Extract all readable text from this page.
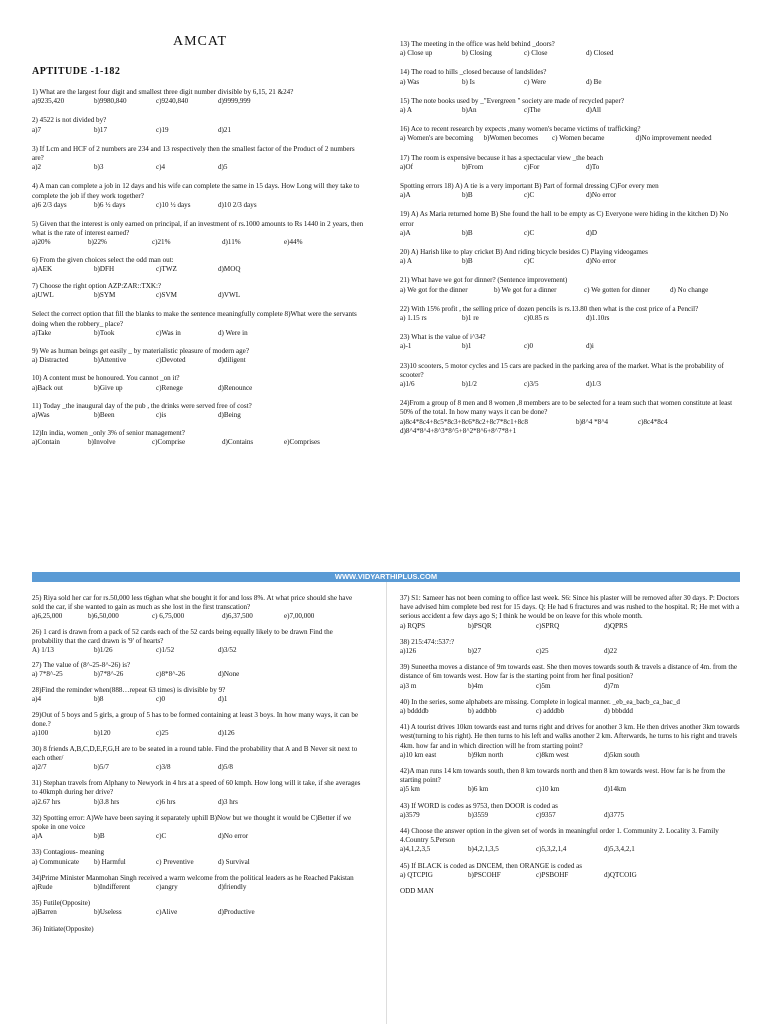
AMCAT
APTITUDE -1-182

1) What are the largest four digit and smallest three digit number divisible by 6,15, 21 &24?

a)9235,420	b)9980,840	c)9240,840	d)9999,999

2) 4522 is not divided by?

a)7	b)17	c)19	d)21

3) If Lcm and HCF of 2 numbers are 234 and 13 respectively then the smallest factor of the Product of 2 numbers are?

a)2	b)3	c)4	d)5

4) A man can complete a job in 12 days and his wife can complete the same in 15 days. How Long will they take to complete the job if they work together?

a)6 2/3 days	b)6 ½ days	c)10 ½ days	d)10 2/3 days

5) Given that the interest is only earned on principal, if an investment of rs.1000 amounts to Rs 1440 in 2 years, then what is the rate of interest earned?

a)20%	b)22%	c)21%	d)11%	e)44%

6) From the given choices select the odd man out:

a)AEK	b)DFH	c)TWZ	d)MOQ

7) Choose the right option AZP:ZAR::TXK:?

a)UWL	b)SYM	c)SVM	d)VWL

Select the correct option that fill the blanks to make the sentence meaningfully complete 8)What were the servants doing when the robbery_ place?

a)Take	b)Took	c)Was in	d) Were in

9) We as human beings get easily _ by materialistic pleasure of modern age?

a) Distracted	b)Attentive	c)Devoted	d)diligent

10) A content must be honoured. You cannot _on it?

a)Back out	b)Give up	c)Renege	d)Renounce

11) Today _the inaugural day of the pub , the drinks were served free of cost?

a)Was	b)Been	c)is	d)Being

12)In india, women _only 3% of senior management?

a)Contain	b)Involve	c)Comprise	d)Contains	e)Comprises

13) The meeting in the office was held behind _doors?

a) Close up	b) Closing	c) Close	d) Closed

14) The road to hills _closed because of landslides?

a) Was	b) Is	c) Were	d) Be

15) The note books used by _"Evergreen " society are made of recycled paper?

a) A	b)An	c)The	d)All

16) Ace to recent research by expects ,many women's became victims of trafficking?

a) Women's are becoming	b)Women becomes	c) Women became	d)No improvement needed

17) The room is expensive because it has a spectacular view _the beach

a)Of	b)From	c)For	d)To

Spotting errors 18) A) A tie is a very important B) Part of formal dressing C)For every men

a)A	b)B	c)C	d)No error

19) A) As Maria returned home B) She found the hall to be empty as C) Everyone were hiding in the kitchen D) No error

a)A	b)B	c)C	d)D

20) A) Harish like to play cricket B) And riding bicycle besides C) Playing videogames

a) A	b)B	c)C	d)No error

21) What have we got for dinner? (Sentence improvement)

a) We got for the dinner	b) We got for a dinner	c) We gotten for dinner	d) No change

22) With 15% profit , the selling price of dozen pencils is rs.13.80 then what is the cost price of a Pencil?

a) 1.15 rs	b)1 re	c)0.85 rs	d)1.10rs

23) What is the value of i^34?

a)-1	b)1	c)0	d)i

23)10 scooters, 5 motor cycles and 15 cars are packed in the parking area of the market. What is the probability of scooter?

a)1/6	b)1/2	c)3/5	d)1/3

24)From a group of 8 men and 8 women ,8 members are to be selected for a team such that women constitute at least 50% of the total. In how many ways it can be done?

a)8c4*8c4+8c5*8c3+8c6*8c2+8c7*8c1+8c8	b)8^4 *8^4	c)8c4*8c4

d)8^4*8^4+8^3*8^5+8^2*8^6+8^7*8+1

WWW.VIDYARTHIPLUS.COM

25) Riya sold her car for rs.50,000 less t6ghan what she bought it for and loss 8%. At what price should she have sold the car, if she wanted to gain as much as she lost in the first transcation?

a)6,25,000	b)6,50,000	c) 6,75,000	d)6,37,500	e)7,00,000

26) 1 card is drawn from a pack of 52 cards each of the 52 cards being equally likely to be drawn Find the probability that the card drawn is '9' of hearts?

A) 1/13	b)1/26	c)1/52	d)3/52

27) The value of (8^-25-8^-26) is?

a) 7*8^-25	b)7*8^-26	c)8*8^-26	d)None

28)Find the reminder when(888…repeat 63 times) is divisible by 9?

a)4	b)8	c)0	d)1

29)Out of 5 boys and 5 girls, a group of 5 has to be formed containing at least 3 boys. In how many ways, it can be done.?

a)100	b)120	c)25	d)126

30) 8 friends A,B,C,D,E,F,G,H are to be seated in a round table. Find the probability that A and B Never sit next to each other/

a)2/7	b)5/7	c)3/8	d)5/8

31) Stephan travels from Alphany to Newyork in 4 hrs at a speed of 60 kmph. How long will it take, if she averages to 40kmph during her drive?

a)2.67 hrs	b)3.8 hrs	c)6 hrs	d)3 hrs

32) Spotting error: A)We have been saying it separately uphill B)Now but we thought it would be C)Better if we spoke in one voice

a)A	b)B	c)C	d)No error

33) Contagious- meaning

a) Communicate	b) Harmful	c) Preventive	d) Survival

34)Prime Minister Manmohan Singh received a warm welcome from the political leaders as he Reached Pakistan

a)Rude	b)Indifferent	c)angry	d)friendly

35) Futile(Opposite)

a)Barren	b)Useless	c)Alive	d)Productive

36) Initiate(Opposite)

37) S1: Sameer has not been coming to office last week. S6: Since his plaster will be removed after 30 days. P: Doctors have advised him complete bed rest for 15 days. Q: He had 6 fractures and was rushed to the hospital. R; He met with a serious accident a few days ago S; I think he would be on leave for this whole month.

a) RQPS	b)PSQR	c)SPRQ	d)QPRS

38) 215:474::537:?

a)126	b)27	c)25	d)22

39) Suneetha moves a distance of 9m towards east. She then moves towards south & travels a distance of 4m. from the distance of 6m towards west. How far is the starting point from her final position?

a)3 m	b)4m	c)5m	d)7m

40) In the series, some alphabets are missing. Complete in logical manner. _eb_ea_bacb_ca_bac_d

a) bddddb	b) addbbb	c) adddbb	d) bbbddd

41) A tourist drives 10km towards east and turns right and drives for another 3 km. He then drives another 3km towards west(turning to his right). He then turns to his left and walks another 2 km. Afterwards, he turns to his right and travels 4km. how far and in which direction will he from starting point?

a)10 km east	b)9km north	c)8km west	d)5km south

42)A man runs 14 km towards south, then 8 km towards north and then 8 km towards west. How far is he from the starting point?

a)5 km	b)6 km	c)10 km	d)14km

43) If WORD is codes as 9753, then DOOR is coded as

a)3579	b)3559	c)9357	d)3775

44) Choose the answer option in the given set of words in meaningful order 1. Community 2. Locality 3. Family 4.Country 5.Person

a)4,1,2,3,5	b)4,2,1,3,5	c)5,3,2,1,4	d)5,3,4,2,1

45) If BLACK is coded as DNCEM, then ORANGE is coded as

a) QTCPIG	b)PSCOHF	c)PSBOHF	d)QTCOIG

ODD MAN
